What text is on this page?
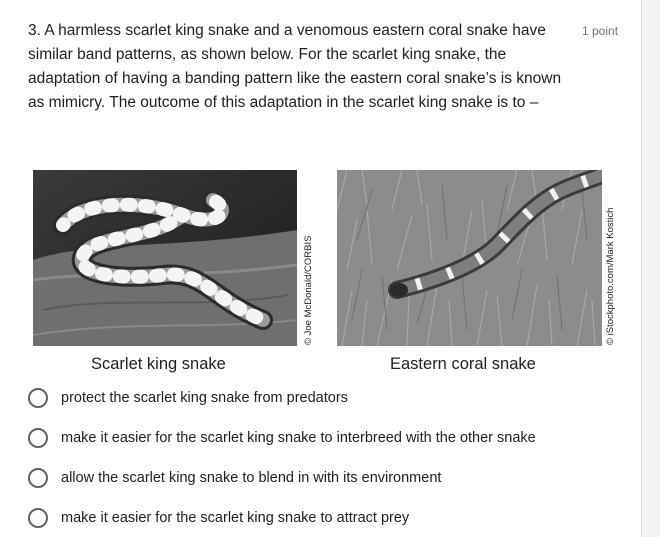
3. A harmless scarlet king snake and a venomous eastern coral snake have similar band patterns, as shown below. For the scarlet king snake, the adaptation of having a banding pattern like the eastern coral snake’s is known as mimicry. The outcome of this adaptation in the scarlet king snake is to –

1 point
© Joe McDonald/CORBIS	© iStockphoto.com/Mark Kostich
Scarlet king snake	Eastern coral snake
protect the scarlet king snake from predators
make it easier for the scarlet king snake to interbreed with the other snake
allow the scarlet king snake to blend in with its environment
make it easier for the scarlet king snake to attract prey
